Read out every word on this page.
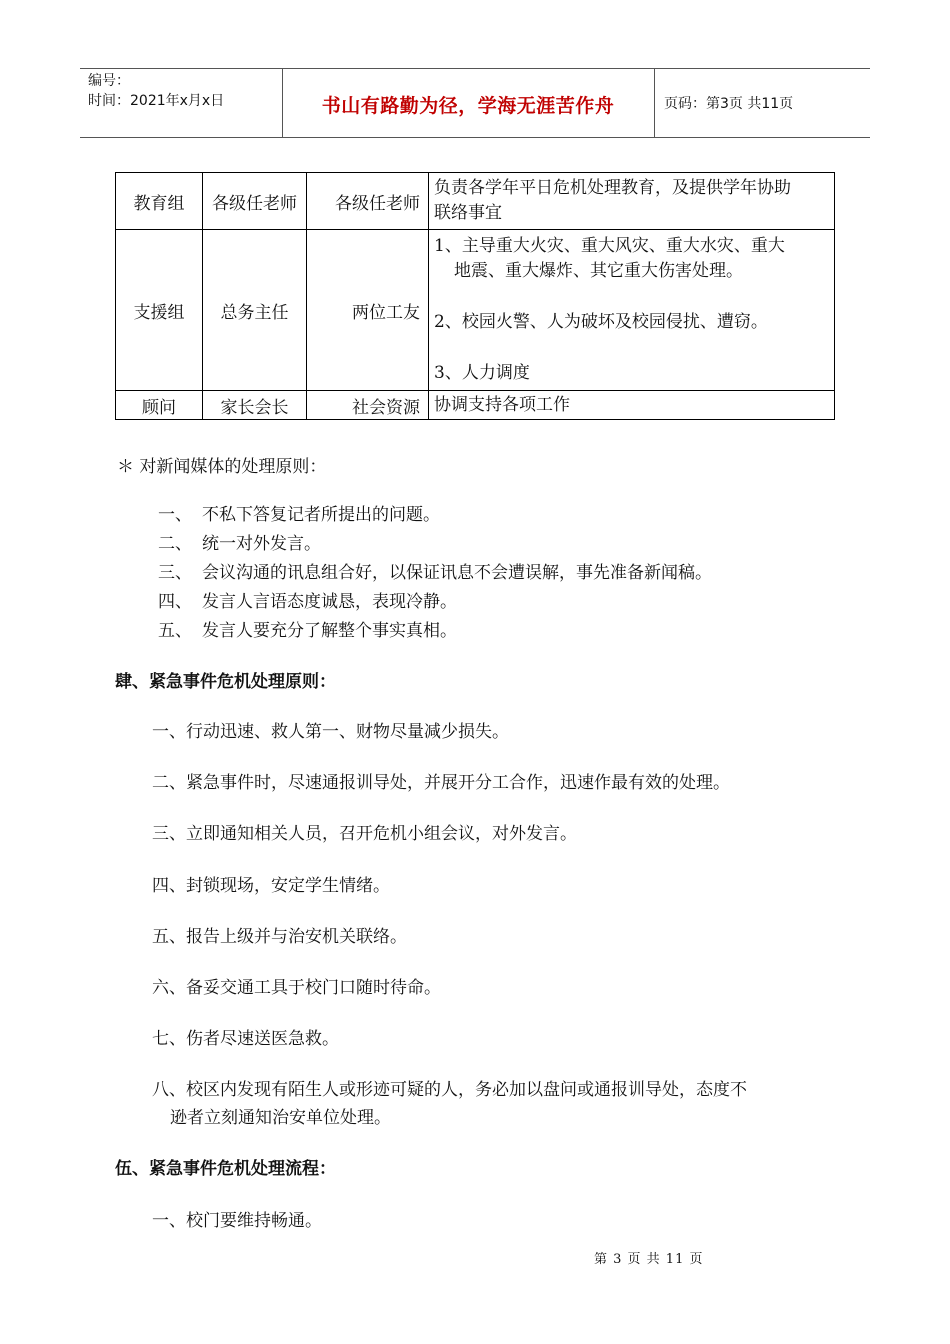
编号：
时间：2021年x月x日	书山有路勤为径，学海无涯苦作舟	页码：第3页 共11页
教育组	各级任老师	各级任老师	负责各学年平日危机处理教育，及提供学年协助
联络事宜

支援组	总务主任	两位工友	1、主导重大火灾、重大风灾、重大水灾、重大
地震、重大爆炸、其它重大伤害处理。
2、校园火警、人为破坏及校园侵扰、遭窃。
3、人力调度

顾问	家长会长	社会资源	协调支持各项工作
＊ 对新闻媒体的处理原则：
一、 不私下答复记者所提出的问题。
二、 统一对外发言。
三、 会议沟通的讯息组合好，以保证讯息不会遭误解，事先准备新闻稿。
四、 发言人言语态度诚恳，表现冷静。
五、 发言人要充分了解整个事实真相。
肆、紧急事件危机处理原则：
一、行动迅速、救人第一、财物尽量减少损失。
二、紧急事件时，尽速通报训导处，并展开分工合作，迅速作最有效的处理。
三、立即通知相关人员，召开危机小组会议，对外发言。
四、封锁现场，安定学生情绪。
五、报告上级并与治安机关联络。
六、备妥交通工具于校门口随时待命。
七、伤者尽速送医急救。
八、校区内发现有陌生人或形迹可疑的人，务必加以盘问或通报训导处，态度不
逊者立刻通知治安单位处理。
伍、紧急事件危机处理流程：
一、校门要维持畅通。
第 3 页 共 11 页
